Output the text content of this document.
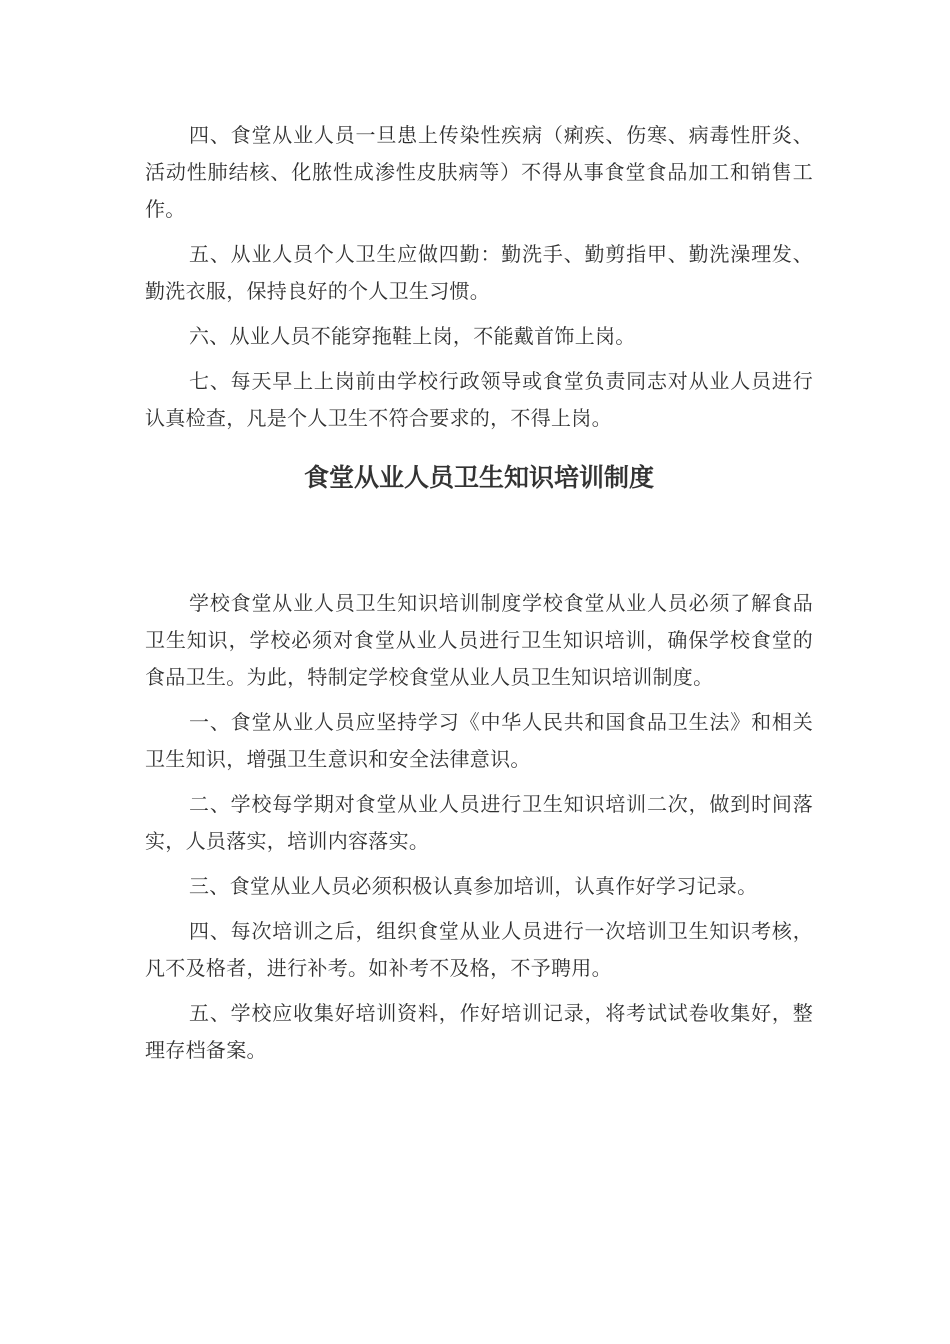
四、食堂从业人员一旦患上传染性疾病（痢疾、伤寒、病毒性肝炎、活动性肺结核、化脓性成渗性皮肤病等）不得从事食堂食品加工和销售工作。

五、从业人员个人卫生应做四勤：勤洗手、勤剪指甲、勤洗澡理发、勤洗衣服，保持良好的个人卫生习惯。

六、从业人员不能穿拖鞋上岗，不能戴首饰上岗。

七、每天早上上岗前由学校行政领导或食堂负责同志对从业人员进行认真检查，凡是个人卫生不符合要求的，不得上岗。

食堂从业人员卫生知识培训制度

学校食堂从业人员卫生知识培训制度学校食堂从业人员必须了解食品卫生知识，学校必须对食堂从业人员进行卫生知识培训，确保学校食堂的食品卫生。为此，特制定学校食堂从业人员卫生知识培训制度。

一、食堂从业人员应坚持学习《中华人民共和国食品卫生法》和相关卫生知识，增强卫生意识和安全法律意识。

二、学校每学期对食堂从业人员进行卫生知识培训二次，做到时间落实，人员落实，培训内容落实。

三、食堂从业人员必须积极认真参加培训，认真作好学习记录。

四、每次培训之后，组织食堂从业人员进行一次培训卫生知识考核，凡不及格者，进行补考。如补考不及格，不予聘用。

五、学校应收集好培训资料，作好培训记录，将考试试卷收集好，整理存档备案。
